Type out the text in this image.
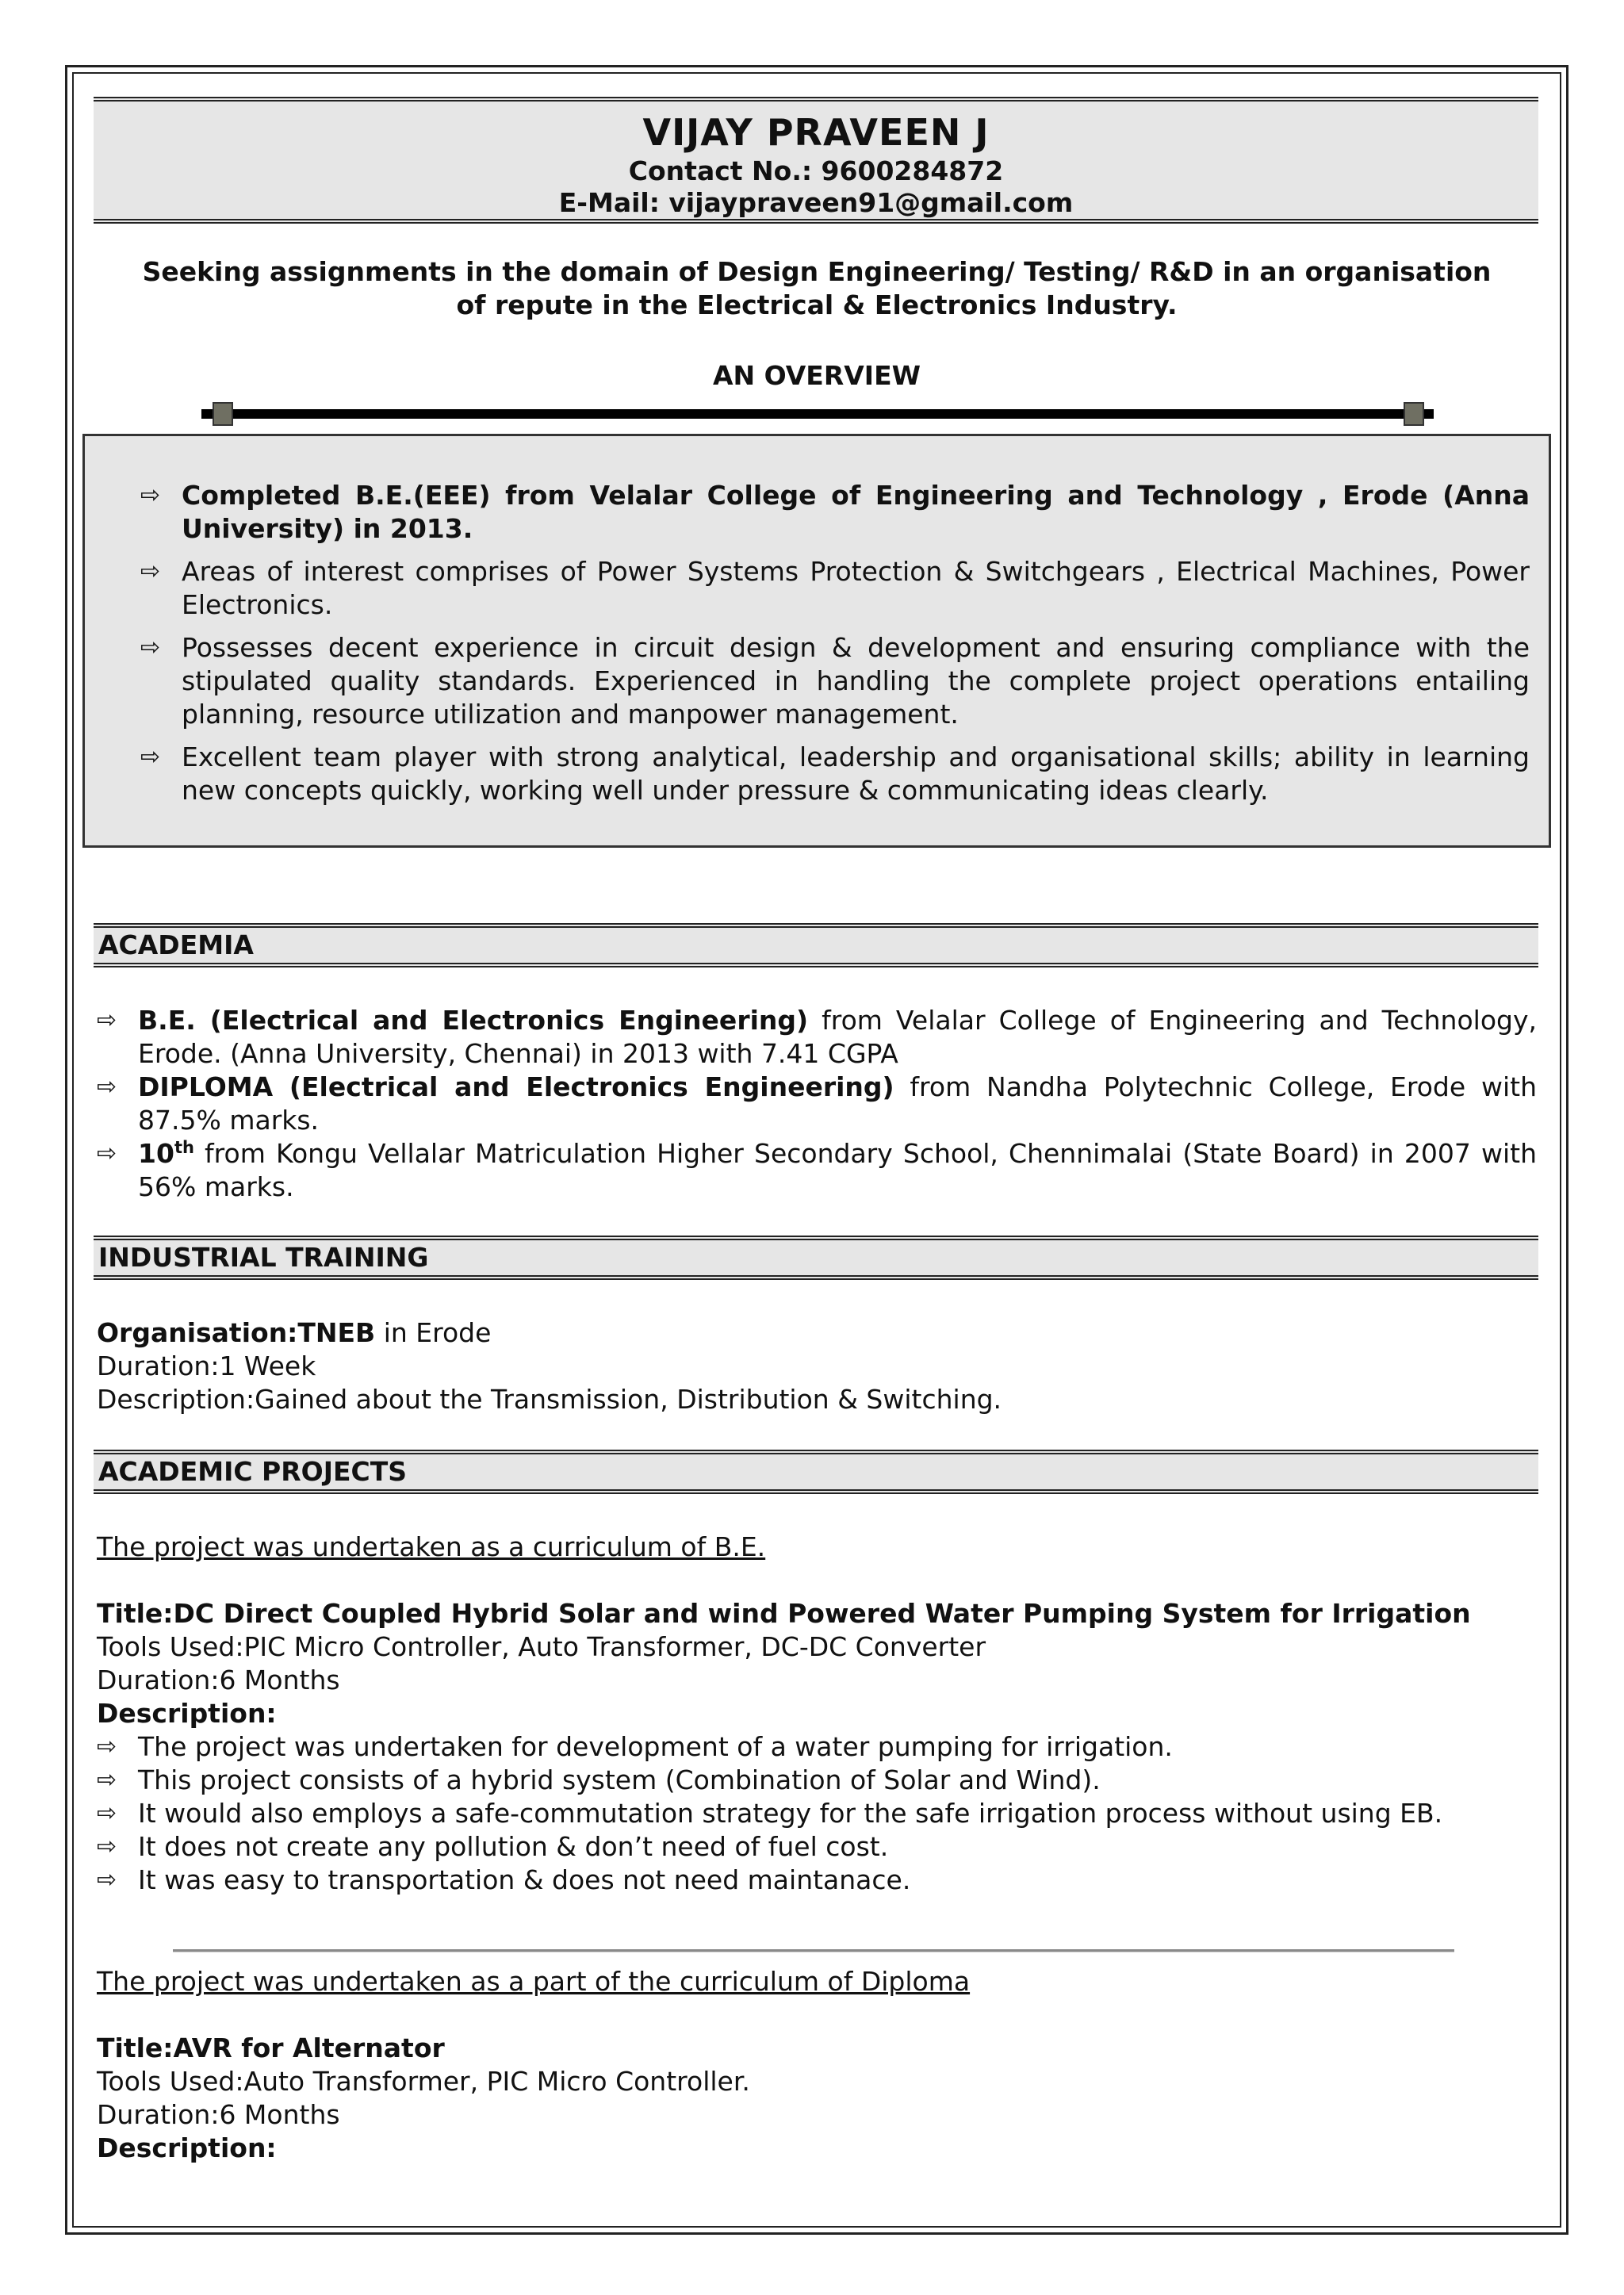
VIJAY PRAVEEN J
Contact No.: 9600284872
E-Mail: vijaypraveen91@gmail.com
Seeking assignments in the domain of Design Engineering/ Testing/ R&D in an organisation
of repute in the Electrical & Electronics Industry.
AN OVERVIEW
⇨ Completed B.E.(EEE) from Velalar College of Engineering and Technology , Erode (Anna University) in 2013.
⇨ Areas of interest comprises of Power Systems Protection & Switchgears , Electrical Machines, Power Electronics.
⇨ Possesses decent experience in circuit design & development and ensuring compliance with the stipulated quality standards. Experienced in handling the complete project operations entailing planning, resource utilization and manpower management.
⇨ Excellent team player with strong analytical, leadership and organisational skills; ability in learning new concepts quickly, working well under pressure & communicating ideas clearly.
ACADEMIA
⇨ B.E. (Electrical and Electronics Engineering) from Velalar College of Engineering and Technology, Erode. (Anna University, Chennai) in 2013 with 7.41 CGPA
⇨ DIPLOMA (Electrical and Electronics Engineering) from Nandha Polytechnic College, Erode with 87.5% marks.
⇨ 10th from Kongu Vellalar Matriculation Higher Secondary School, Chennimalai (State Board) in 2007 with 56% marks.
INDUSTRIAL TRAINING
Organisation:TNEB in Erode
Duration:1 Week
Description:Gained about the Transmission, Distribution & Switching.
ACADEMIC PROJECTS
The project was undertaken as a curriculum of B.E.
Title:DC Direct Coupled Hybrid Solar and wind Powered Water Pumping System for Irrigation
Tools Used:PIC Micro Controller, Auto Transformer, DC-DC Converter
Duration:6 Months
Description:
⇨ The project was undertaken for development of a water pumping for irrigation.
⇨ This project consists of a hybrid system (Combination of Solar and Wind).
⇨ It would also employs a safe-commutation strategy for the safe irrigation process without using EB.
⇨ It does not create any pollution & don’t need of fuel cost.
⇨ It was easy to transportation & does not need maintanace.
The project was undertaken as a part of the curriculum of Diploma
Title:AVR for Alternator
Tools Used:Auto Transformer, PIC Micro Controller.
Duration:6 Months
Description:
